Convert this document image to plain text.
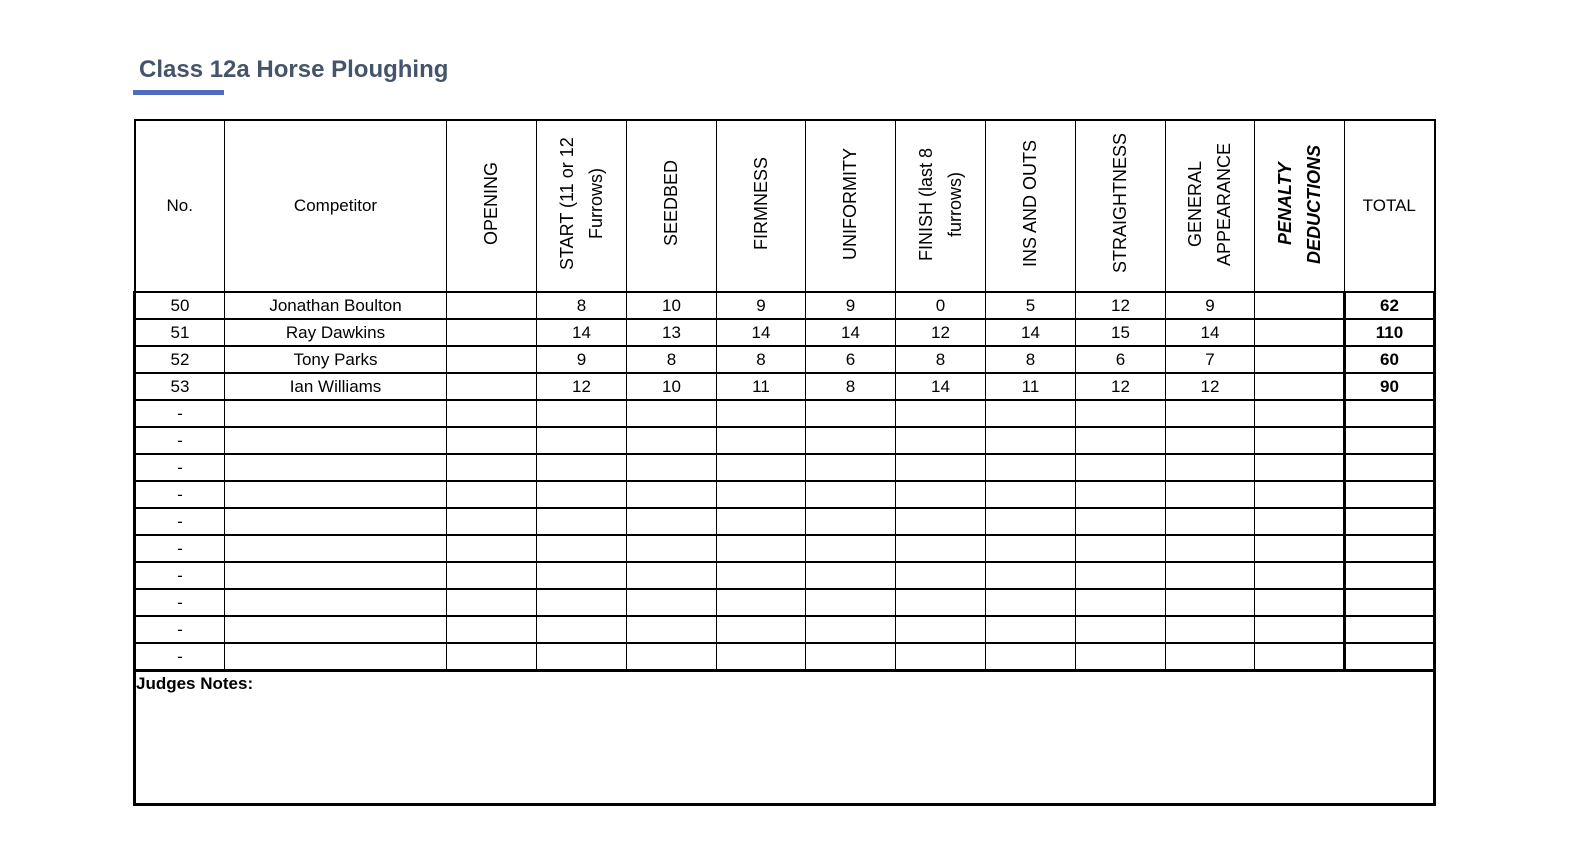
Class 12a Horse Ploughing
No.	Competitor	OPENING	START (11 or 12 Furrows)	SEEDBED	FIRMNESS	UNIFORMITY	FINISH (last 8 furrows)	INS AND OUTS	STRAIGHTNESS	GENERAL APPEARANCE	PENALTY DEDUCTIONS	TOTAL
50	Jonathan Boulton		8	10	9	9	0	5	12	9		62
51	Ray Dawkins		14	13	14	14	12	14	15	14		110
52	Tony Parks		9	8	8	6	8	8	6	7		60
53	Ian Williams		12	10	11	8	14	11	12	12		90
-												
-												
-												
-												
-												
-												
-												
-												
-												
-												

Judges Notes:												
